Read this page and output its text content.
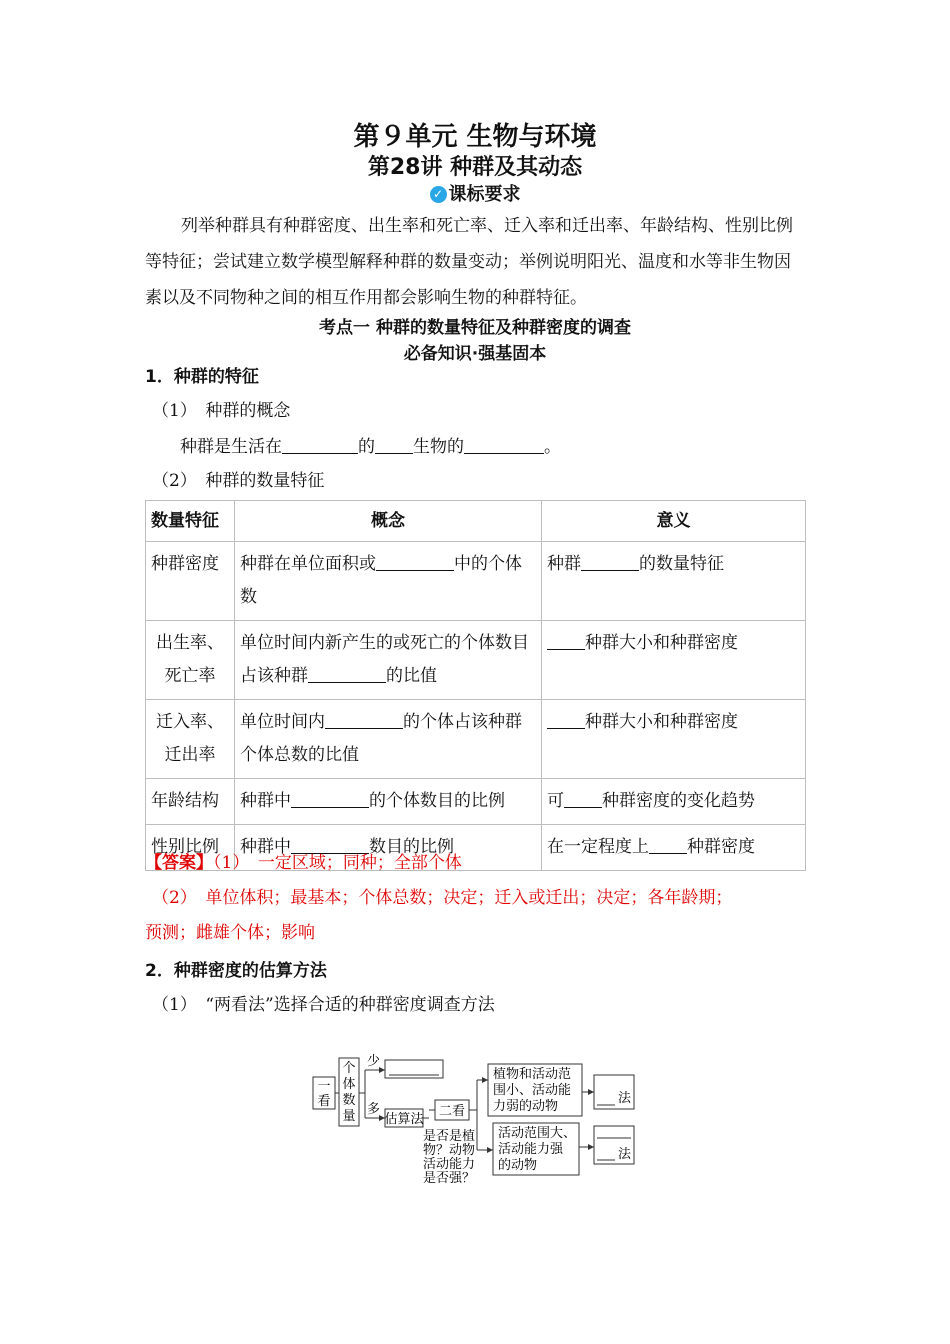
第９单元 生物与环境
第28讲 种群及其动态
✓ 课标要求
列举种群具有种群密度、出生率和死亡率、迁入率和迁出率、年龄结构、性别比例等特征；尝试建立数学模型解释种群的数量变动；举例说明阳光、温度和水等非生物因素以及不同物种之间的相互作用都会影响生物的种群特征。
考点一 种群的数量特征及种群密度的调查
必备知识·强基固本
1．种群的特征
（1）　种群的概念
种群是生活在	的 生物的	。
（2）　种群的数量特征
数量特征	概念	意义
种群密度	种群在单位面积或 中的个体数	种群 的数量特征
出生率、死亡率	单位时间内新产生的或死亡的个体数目占该种群 的比值	种群大小和种群密度
迁入率、迁出率	单位时间内 的个体占该种群个体总数的比值	种群大小和种群密度
年龄结构	种群中 的个体数目的比例	可 种群密度的变化趋势
性别比例	种群中 数目的比例	在一定程度上 种群密度
【答案】（1）　一定区域；同种；全部个体
（2）　单位体积；最基本；个体总数；决定；迁入或迁出；决定；各年龄期；
预测；雌雄个体；影响
2．种群密度的估算方法
（1）　“两看法”选择合适的种群密度调查方法
一
看
个
体
数
量
少
多
估算法
二看
是否是植
物？动物
活动能力
是否强？
植物和活动范
围小、活动能
力弱的动物
活动范围大、
活动能力强
的动物
法
法
